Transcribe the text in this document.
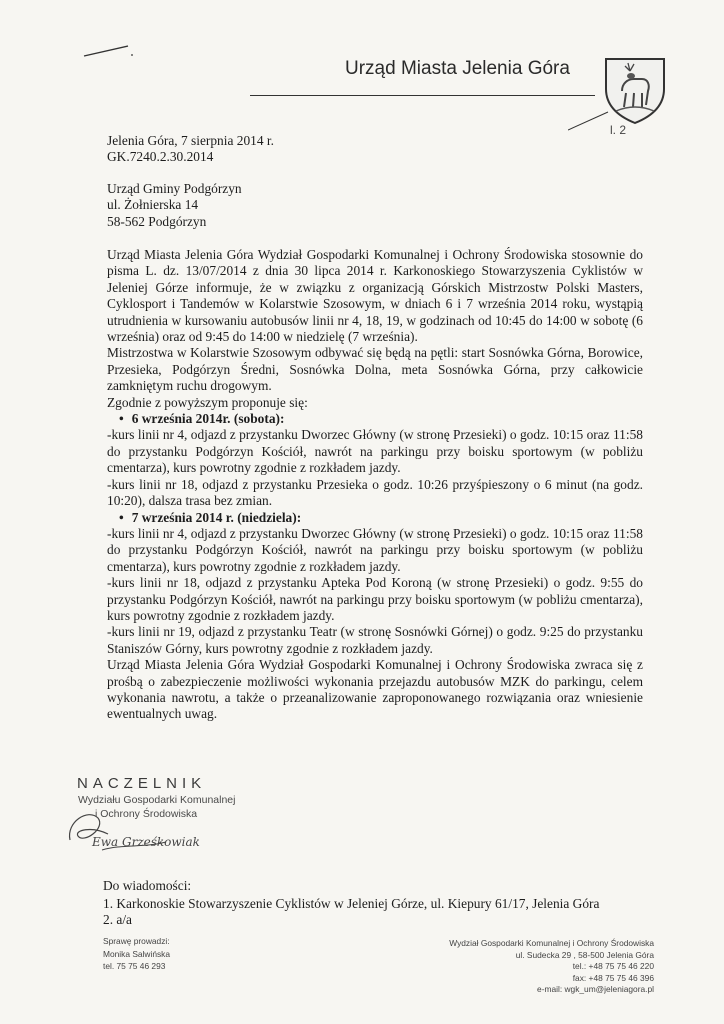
Urząd Miasta Jelenia Góra
l. 2
Jelenia Góra, 7 sierpnia 2014 r.
GK.7240.2.30.2014
Urząd Gminy Podgórzyn
ul. Żołnierska 14
58-562 Podgórzyn

Urząd Miasta Jelenia Góra Wydział Gospodarki Komunalnej i Ochrony Środowiska stosownie do pisma L. dz. 13/07/2014 z dnia 30 lipca 2014 r. Karkonoskiego Stowarzyszenia Cyklistów w Jeleniej Górze informuje, że w związku z organizacją Górskich Mistrzostw Polski Masters, Cyklosport i Tandemów w Kolarstwie Szosowym, w dniach 6 i 7 września 2014 roku, wystąpią utrudnienia w kursowaniu autobusów linii nr 4, 18, 19, w godzinach od 10:45 do 14:00 w sobotę (6 września) oraz od 9:45 do 14:00 w niedzielę (7 września).

Mistrzostwa w Kolarstwie Szosowym odbywać się będą na pętli: start Sosnówka Górna, Borowice, Przesieka, Podgórzyn Średni, Sosnówka Dolna, meta Sosnówka Górna, przy całkowicie zamkniętym ruchu drogowym.

Zgodnie z powyższym proponuje się:

• 6 września 2014r. (sobota):

-kurs linii nr 4, odjazd z przystanku Dworzec Główny (w stronę Przesieki) o godz. 10:15 oraz 11:58 do przystanku Podgórzyn Kościół, nawrót na parkingu przy boisku sportowym (w pobliżu cmentarza), kurs powrotny zgodnie z rozkładem jazdy.

-kurs linii nr 18, odjazd z przystanku Przesieka o godz. 10:26 przyśpieszony o 6 minut (na godz. 10:20), dalsza trasa bez zmian.

• 7 września 2014 r. (niedziela):

-kurs linii nr 4, odjazd z przystanku Dworzec Główny (w stronę Przesieki) o godz. 10:15 oraz 11:58 do przystanku Podgórzyn Kościół, nawrót na parkingu przy boisku sportowym (w pobliżu cmentarza), kurs powrotny zgodnie z rozkładem jazdy.

-kurs linii nr 18, odjazd z przystanku Apteka Pod Koroną (w stronę Przesieki) o godz. 9:55 do przystanku Podgórzyn Kościół, nawrót na parkingu przy boisku sportowym (w pobliżu cmentarza), kurs powrotny zgodnie z rozkładem jazdy.

-kurs linii nr 19, odjazd z przystanku Teatr (w stronę Sosnówki Górnej) o godz. 9:25 do przystanku Staniszów Górny, kurs powrotny zgodnie z rozkładem jazdy.

Urząd Miasta Jelenia Góra Wydział Gospodarki Komunalnej i Ochrony Środowiska zwraca się z prośbą o zabezpieczenie możliwości wykonania przejazdu autobusów MZK do parkingu, celem wykonania nawrotu, a także o przeanalizowanie zaproponowanego rozwiązania oraz wniesienie ewentualnych uwag.

NACZELNIK
Wydziału Gospodarki Komunalnej
i Ochrony Środowiska
Ewa Grześkowiak
Do wiadomości:
1. Karkonoskie Stowarzyszenie Cyklistów w Jeleniej Górze, ul. Kiepury 61/17, Jelenia Góra
2. a/a
Sprawę prowadzi:
Monika Salwińska
tel. 75 75 46 293
Wydział Gospodarki Komunalnej i Ochrony Środowiska
ul. Sudecka 29 , 58-500 Jelenia Góra
tel.: +48 75 75 46 220
fax: +48 75 75 46 396
e-mail: wgk_um@jeleniagora.pl
